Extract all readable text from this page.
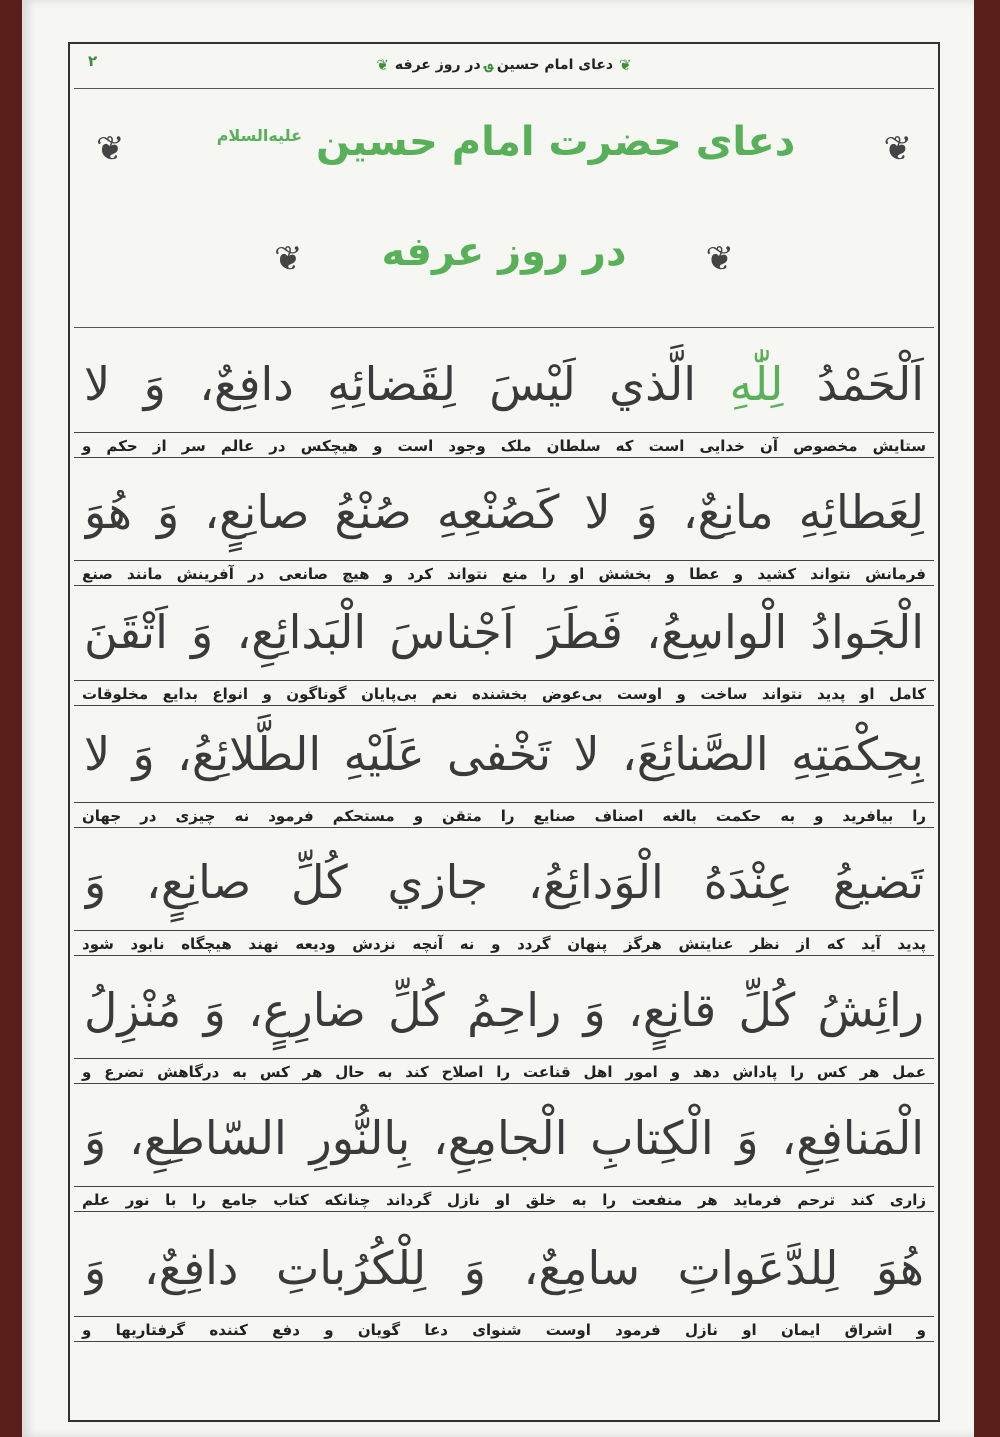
۲	❦
دعای امام حسین
؈
در روز عرفه
❦
❦
❦	دعای حضرت امام حسین $^{علیه‌السلام}$
❦
❦	در روز عرفه
اَلْحَمْدُ لِلّٰهِ الَّذي لَيْسَ لِقَضائِهِ دافِعٌ، وَ لا
ستایش مخصوص آن خدایی است که سلطان ملک وجود است و هیچکس در عالم سر از حکم و
لِعَطائِهِ مانِعٌ، وَ لا كَصُنْعِهِ صُنْعُ صانِعٍ، وَ هُوَ
فرمانش نتواند کشید و عطا و بخشش او را منع نتواند کرد و هیچ صانعی در آفرینش مانند صنع
الْجَوادُ الْواسِعُ، فَطَرَ اَجْناسَ الْبَدائِعِ، وَ اَتْقَنَ
کامل او پدید نتواند ساخت و اوست بی‌عوض بخشنده نعم بی‌پایان گوناگون و انواع بدایع مخلوقات
بِحِكْمَتِهِ الصَّنائِعَ، لا تَخْفى عَلَيْهِ الطَّلائِعُ، وَ لا
را بیافرید و به حکمت بالغه اصناف صنایع را متقن و مستحکم فرمود نه چیزی در جهان
تَضيعُ عِنْدَهُ الْوَدائِعُ، جازي كُلِّ صانِعٍ، وَ
پدید آید که از نظر عنایتش هرگز پنهان گردد و نه آنچه نزدش ودیعه نهند هیچگاه نابود شود
رائِشُ كُلِّ قانِعٍ، وَ راحِمُ كُلِّ ضارِعٍ، وَ مُنْزِلُ
عمل هر کس را پاداش دهد و امور اهل قناعت را اصلاح کند به حال هر کس به درگاهش تضرع و
الْمَنافِعِ، وَ الْكِتابِ الْجامِعِ، بِالنُّورِ السّاطِعِ، وَ
زاری کند ترحم فرماید هر منفعت را به خلق او نازل گرداند چنانکه کتاب جامع را با نور علم
هُوَ لِلدَّعَواتِ سامِعٌ، وَ لِلْكُرُباتِ دافِعٌ، وَ
و اشراق ایمان او نازل فرمود اوست شنوای دعا گویان و دفع کننده گرفتاریها و
